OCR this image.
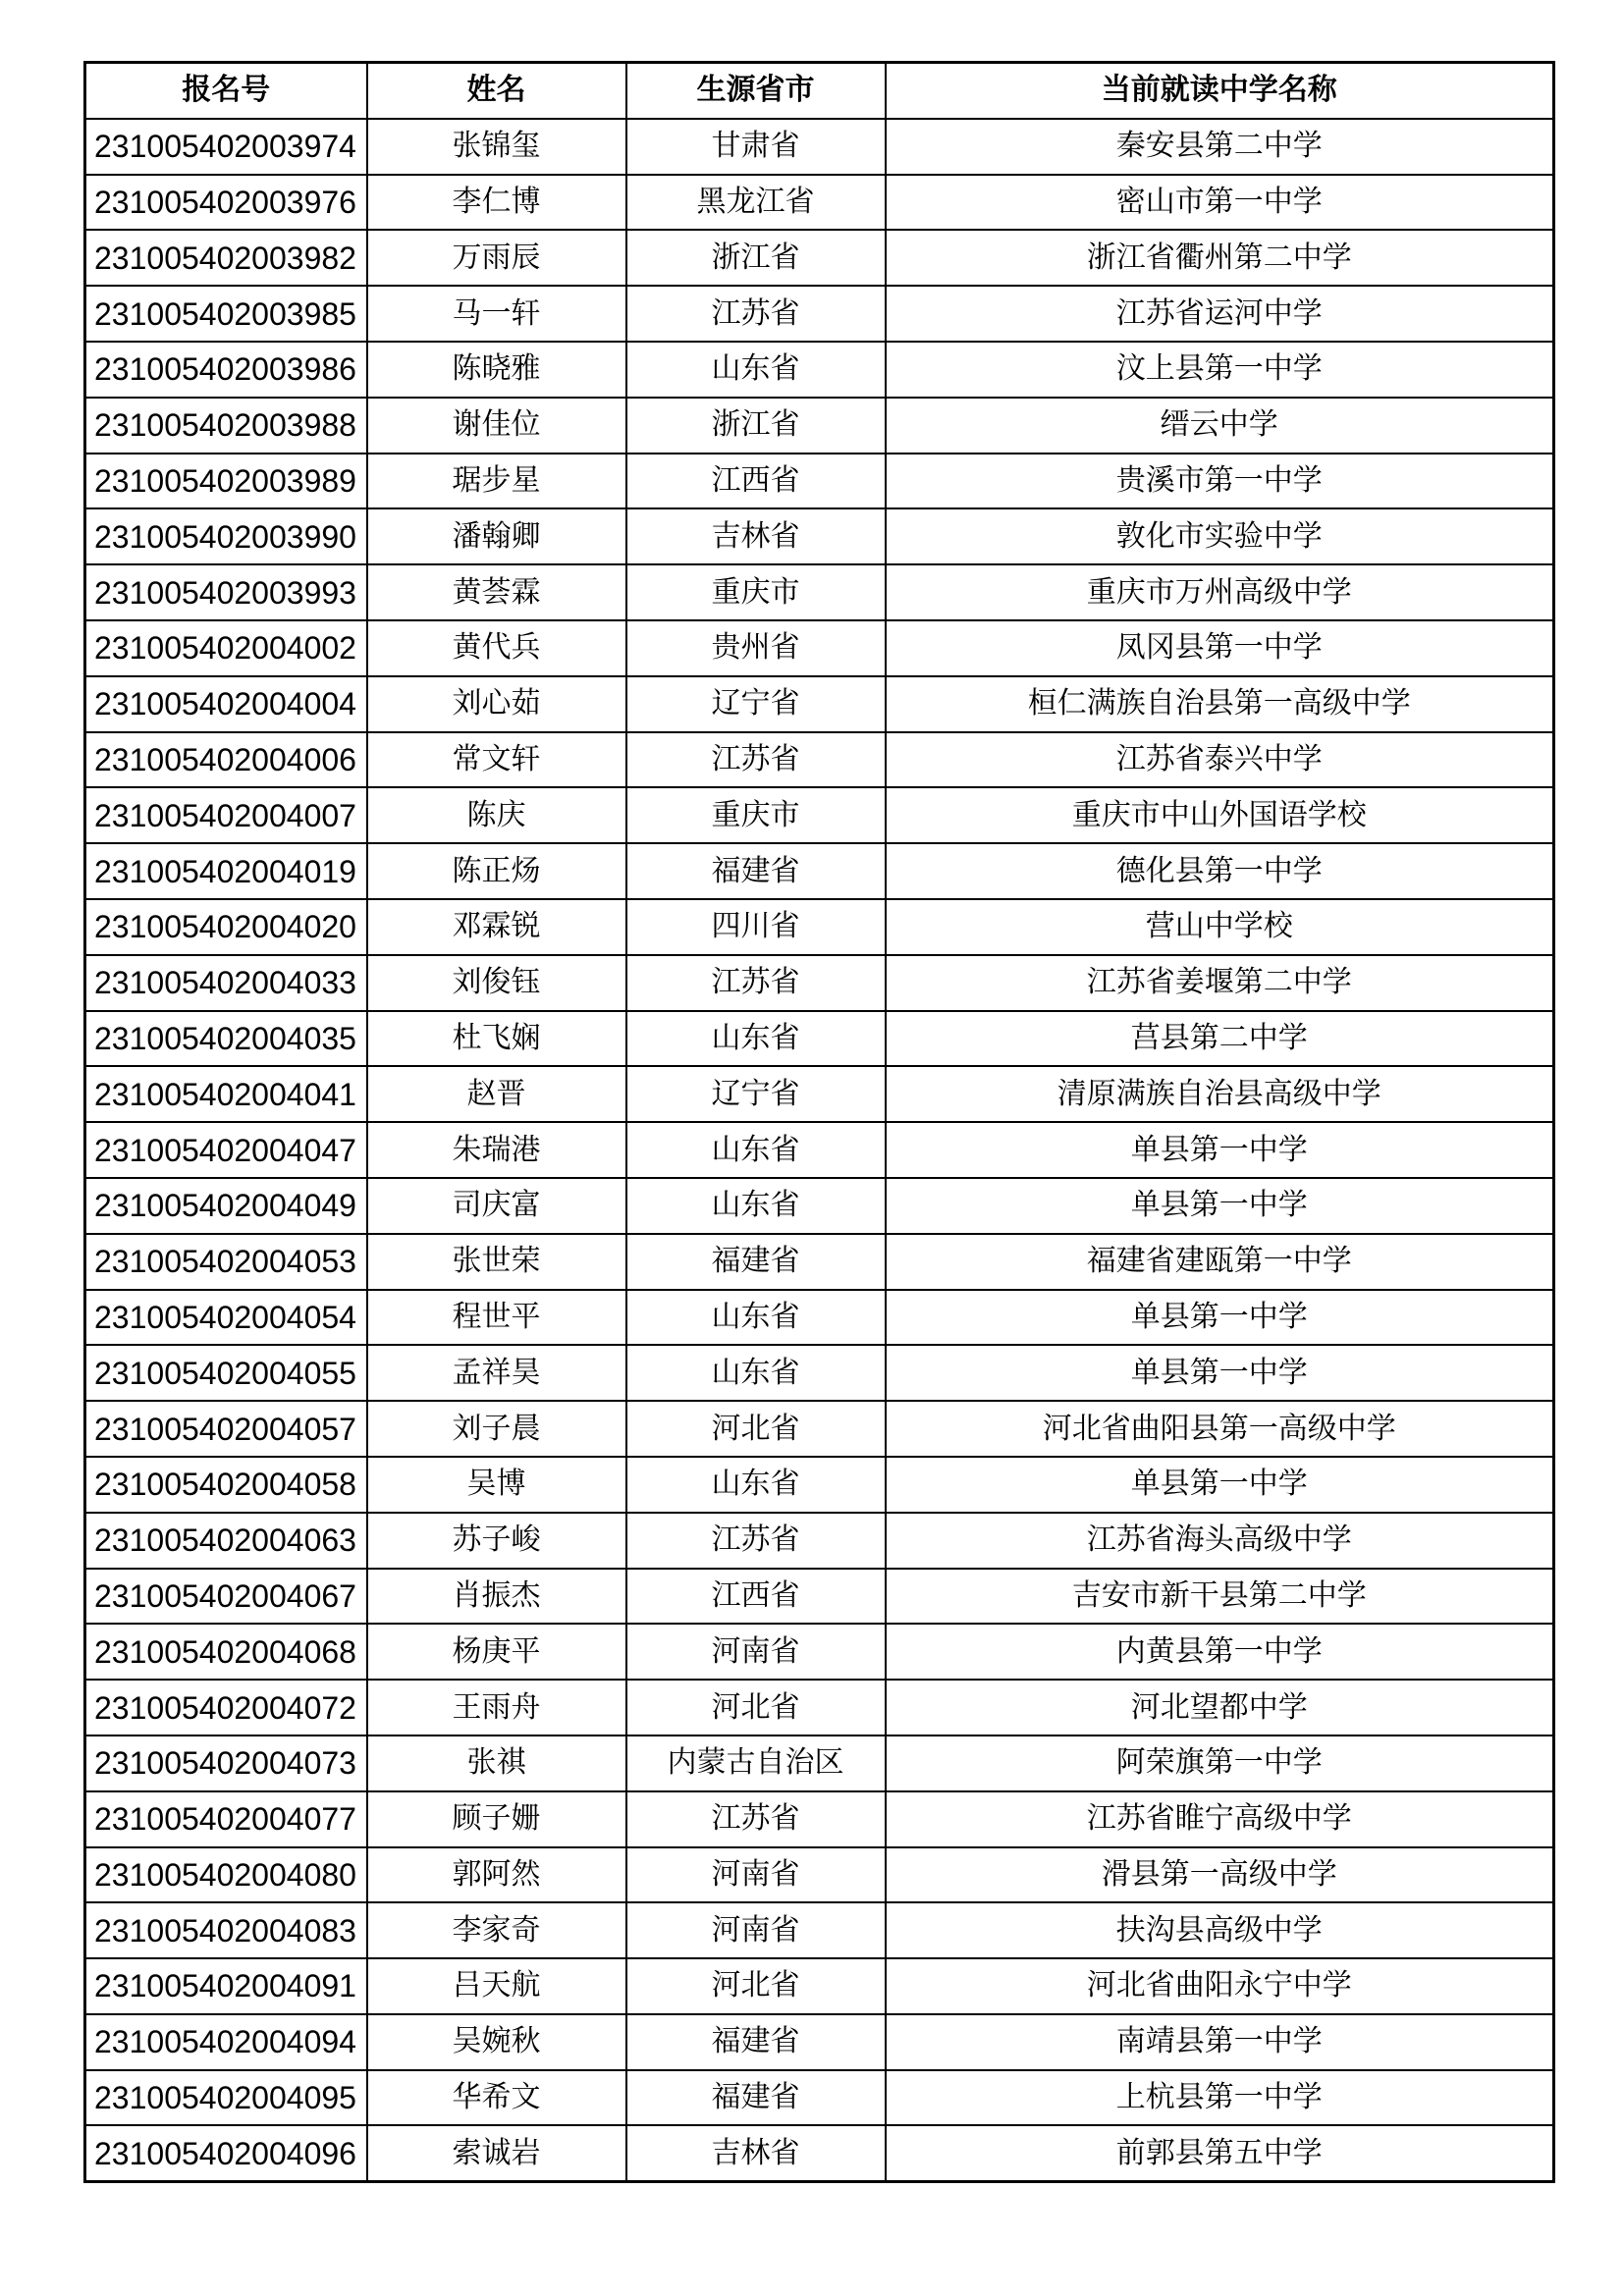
报名号	姓名	生源省市	当前就读中学名称
231005402003974	张锦玺	甘肃省	秦安县第二中学
231005402003976	李仁博	黑龙江省	密山市第一中学
231005402003982	万雨辰	浙江省	浙江省衢州第二中学
231005402003985	马一轩	江苏省	江苏省运河中学
231005402003986	陈晓雅	山东省	汶上县第一中学
231005402003988	谢佳位	浙江省	缙云中学
231005402003989	琚步星	江西省	贵溪市第一中学
231005402003990	潘翰卿	吉林省	敦化市实验中学
231005402003993	黄荟霖	重庆市	重庆市万州高级中学
231005402004002	黄代兵	贵州省	凤冈县第一中学
231005402004004	刘心茹	辽宁省	桓仁满族自治县第一高级中学
231005402004006	常文轩	江苏省	江苏省泰兴中学
231005402004007	陈庆	重庆市	重庆市中山外国语学校
231005402004019	陈正炀	福建省	德化县第一中学
231005402004020	邓霖锐	四川省	营山中学校
231005402004033	刘俊钰	江苏省	江苏省姜堰第二中学
231005402004035	杜飞娴	山东省	莒县第二中学
231005402004041	赵晋	辽宁省	清原满族自治县高级中学
231005402004047	朱瑞港	山东省	单县第一中学
231005402004049	司庆富	山东省	单县第一中学
231005402004053	张世荣	福建省	福建省建瓯第一中学
231005402004054	程世平	山东省	单县第一中学
231005402004055	孟祥昊	山东省	单县第一中学
231005402004057	刘子晨	河北省	河北省曲阳县第一高级中学
231005402004058	吴博	山东省	单县第一中学
231005402004063	苏子峻	江苏省	江苏省海头高级中学
231005402004067	肖振杰	江西省	吉安市新干县第二中学
231005402004068	杨庚平	河南省	内黄县第一中学
231005402004072	王雨舟	河北省	河北望都中学
231005402004073	张祺	内蒙古自治区	阿荣旗第一中学
231005402004077	顾子姗	江苏省	江苏省睢宁高级中学
231005402004080	郭阿然	河南省	滑县第一高级中学
231005402004083	李家奇	河南省	扶沟县高级中学
231005402004091	吕天航	河北省	河北省曲阳永宁中学
231005402004094	吴婉秋	福建省	南靖县第一中学
231005402004095	华希文	福建省	上杭县第一中学
231005402004096	索诚岩	吉林省	前郭县第五中学
